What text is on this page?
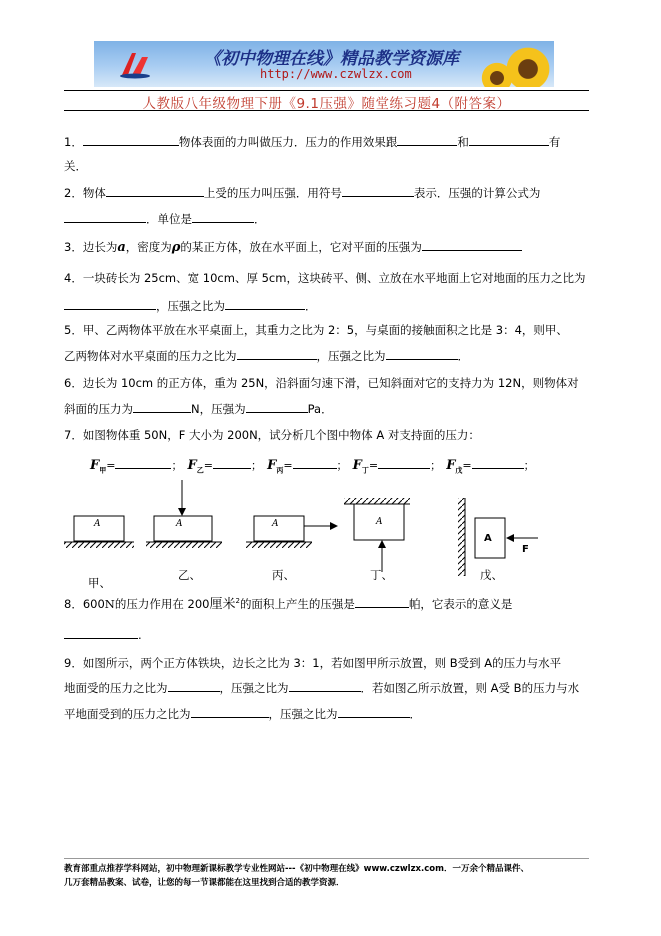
《初中物理在线》精品教学资源库
http://www.czwlzx.com
人教版八年级物理下册《9.1压强》随堂练习题4（附答案）
1．	物体表面的力叫做压力．压力的作用效果跟	和	有
关．
2．物体	上受的压力叫压强．用符号	表示．压强的计算公式为
．单位是	．
3．边长为a，密度为ρ的某正方体，放在水平面上，它对平面的压强为
4．一块砖长为 25cm、宽 10cm、厚 5cm，这块砖平、侧、立放在水平地面上它对地面的压力之比为
，压强之比为	．
5．甲、乙两物体平放在水平桌面上，其重力之比为 2：5，与桌面的接触面积之比是 3：4，则甲、
乙两物体对水平桌面的压力之比为	，压强之比为	．
6．边长为 10cm 的正方体，重为 25N，沿斜面匀速下滑，已知斜面对它的支持力为 12N，则物体对
斜面的压力为	N，压强为	Pa．
7．如图物体重 50N，F 大小为 200N，试分析几个图中物体 A 对支持面的压力：
$F_甲=$	； $F_乙=$	； $F_丙=$	； $F_丁=$	； $F_戊=$	；
A	A	A	A
A
F
甲、
乙、	丙、	丁、	戊、
8．600N的压力作用在 200厘米$^2$的面积上产生的压强是	帕，它表示的意义是
.
9．如图所示，两个正方体铁块，边长之比为 3：1，若如图甲所示放置，则 B受到 A的压力与水平
地面受的压力之比为	，压强之比为	．若如图乙所示放置，则 A受 B的压力与水
平地面受到的压力之比为	，压强之比为	．
教育部重点推荐学科网站，初中物理新课标教学专业性网站---《初中物理在线》www.czwlzx.com．一万余个精品课件、
几万套精品教案、试卷，让您的每一节课都能在这里找到合适的教学资源．
